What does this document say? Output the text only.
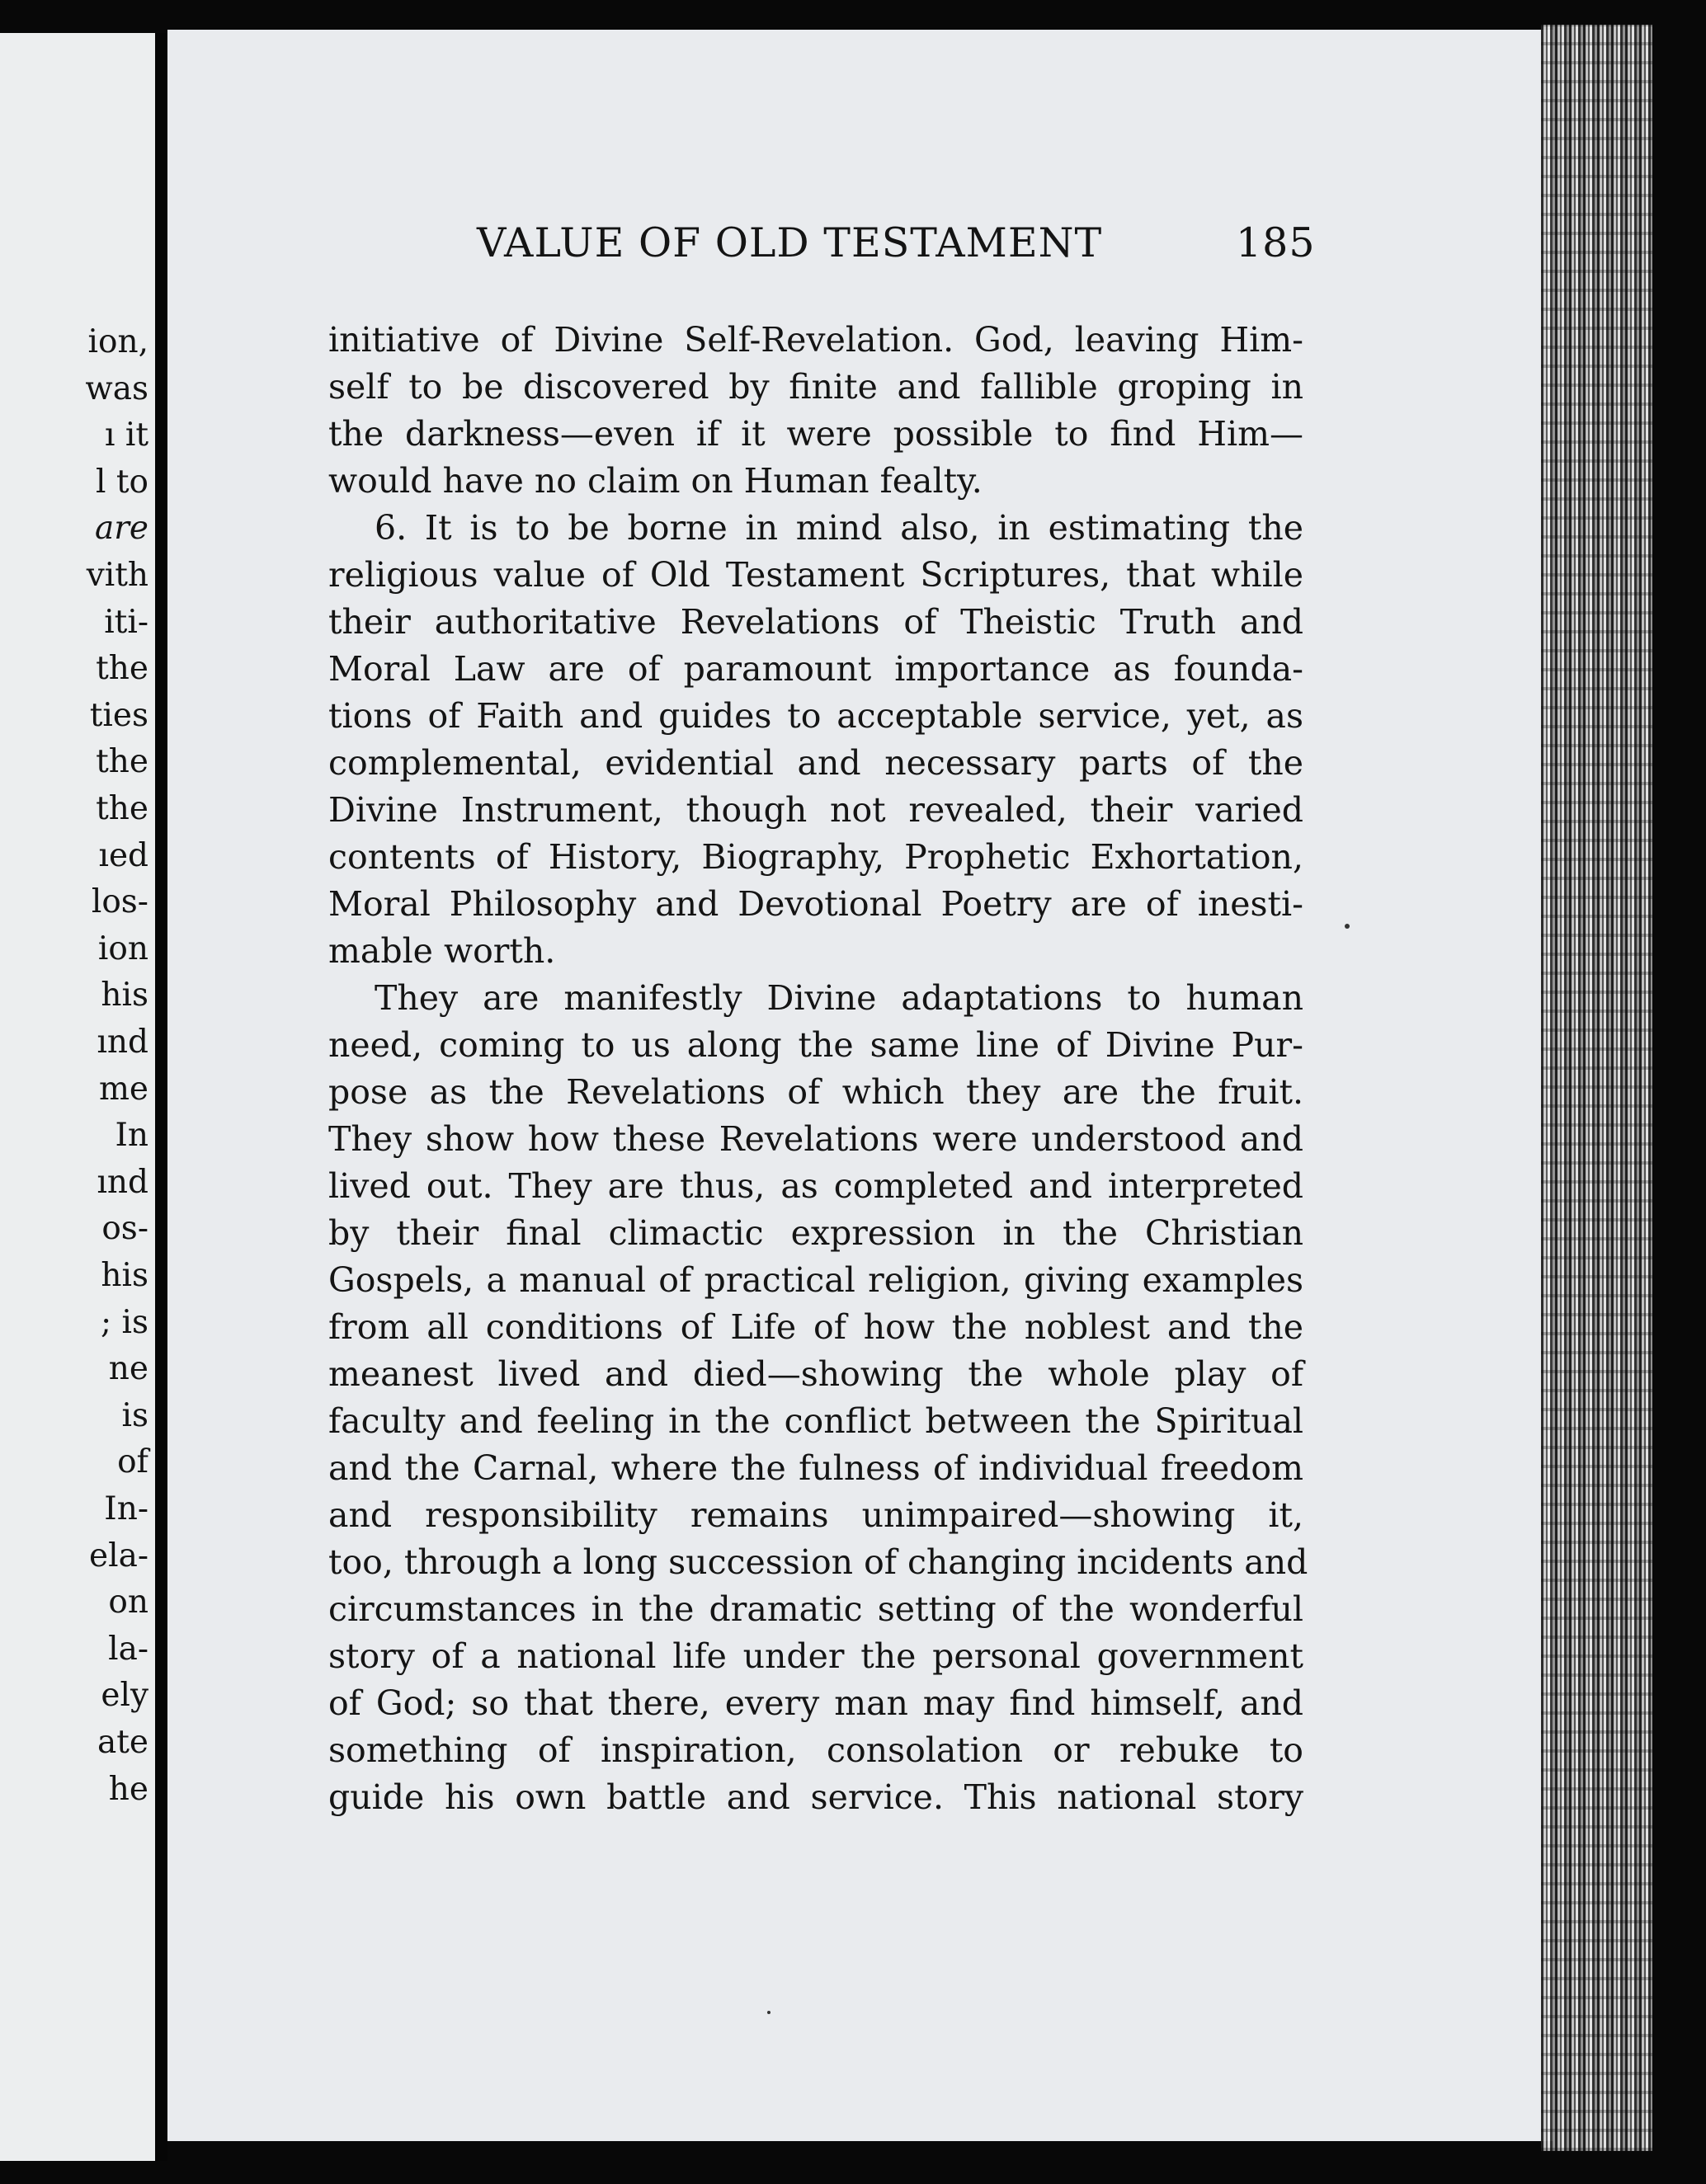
ion,
was
ı it
l to
are
vith
iti-
the
ties
the
the
ıed
los-
ion
his
ınd
me
In
ınd
os-
his
; is
ne
is
of
In-
ela-
on
la-
ely
ate
he
VALUE OF OLD TESTAMENT	185
initiative of Divine Self-Revelation. God, leaving Him-
self to be discovered by finite and fallible groping in
the darkness—even if it were possible to find Him—
would have no claim on Human fealty.
6. It is to be borne in mind also, in estimating the
religious value of Old Testament Scriptures, that while
their authoritative Revelations of Theistic Truth and
Moral Law are of paramount importance as founda-
tions of Faith and guides to acceptable service, yet, as
complemental, evidential and necessary parts of the
Divine Instrument, though not revealed, their varied
contents of History, Biography, Prophetic Exhortation,
Moral Philosophy and Devotional Poetry are of inesti-
mable worth.
They are manifestly Divine adaptations to human
need, coming to us along the same line of Divine Pur-
pose as the Revelations of which they are the fruit.
They show how these Revelations were understood and
lived out. They are thus, as completed and interpreted
by their final climactic expression in the Christian
Gospels, a manual of practical religion, giving examples
from all conditions of Life of how the noblest and the
meanest lived and died—showing the whole play of
faculty and feeling in the conflict between the Spiritual
and the Carnal, where the fulness of individual freedom
and responsibility remains unimpaired—showing it,
too, through a long succession of changing incidents and
circumstances in the dramatic setting of the wonderful
story of a national life under the personal government
of God; so that there, every man may find himself, and
something of inspiration, consolation or rebuke to
guide his own battle and service. This national story
